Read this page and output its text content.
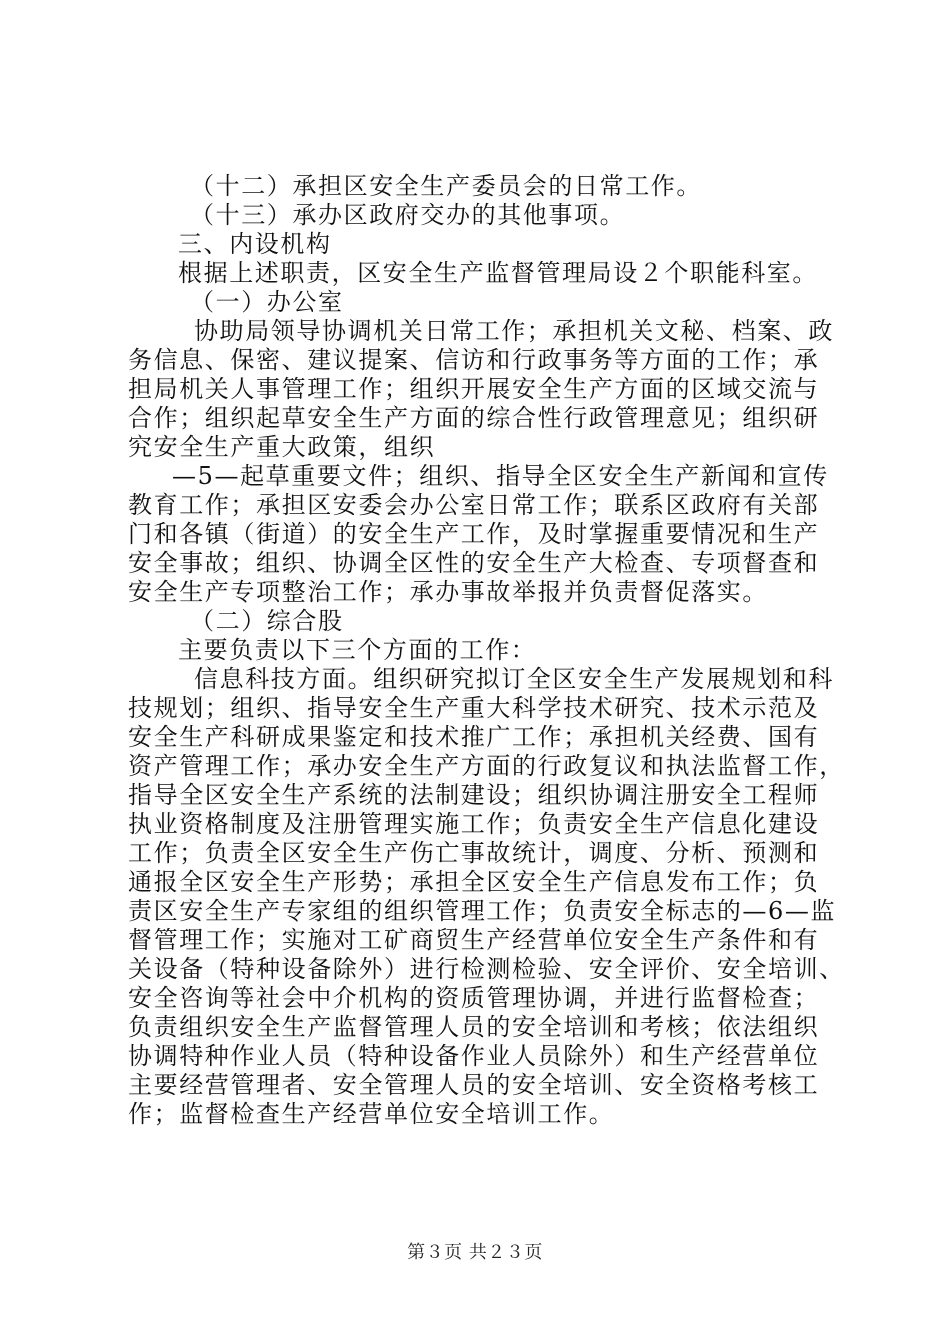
（十二）承担区安全生产委员会的日常工作。
（十三）承办区政府交办的其他事项。
三、内设机构
根据上述职责，区安全生产监督管理局设２个职能科室。
（一）办公室
协助局领导协调机关日常工作；承担机关文秘、档案、政
务信息、保密、建议提案、信访和行政事务等方面的工作；承
担局机关人事管理工作；组织开展安全生产方面的区域交流与
合作；组织起草安全生产方面的综合性行政管理意见；组织研
究安全生产重大政策，组织
—5—起草重要文件；组织、指导全区安全生产新闻和宣传
教育工作；承担区安委会办公室日常工作；联系区政府有关部
门和各镇（街道）的安全生产工作，及时掌握重要情况和生产
安全事故；组织、协调全区性的安全生产大检查、专项督查和
安全生产专项整治工作；承办事故举报并负责督促落实。
（二）综合股
主要负责以下三个方面的工作：
信息科技方面。组织研究拟订全区安全生产发展规划和科
技规划；组织、指导安全生产重大科学技术研究、技术示范及
安全生产科研成果鉴定和技术推广工作；承担机关经费、国有
资产管理工作；承办安全生产方面的行政复议和执法监督工作，
指导全区安全生产系统的法制建设；组织协调注册安全工程师
执业资格制度及注册管理实施工作；负责安全生产信息化建设
工作；负责全区安全生产伤亡事故统计，调度、分析、预测和
通报全区安全生产形势；承担全区安全生产信息发布工作；负
责区安全生产专家组的组织管理工作；负责安全标志的—6—监
督管理工作；实施对工矿商贸生产经营单位安全生产条件和有
关设备（特种设备除外）进行检测检验、安全评价、安全培训、
安全咨询等社会中介机构的资质管理协调，并进行监督检查；
负责组织安全生产监督管理人员的安全培训和考核；依法组织
协调特种作业人员（特种设备作业人员除外）和生产经营单位
主要经营管理者、安全管理人员的安全培训、安全资格考核工
作；监督检查生产经营单位安全培训工作。
第３页 共２３页
